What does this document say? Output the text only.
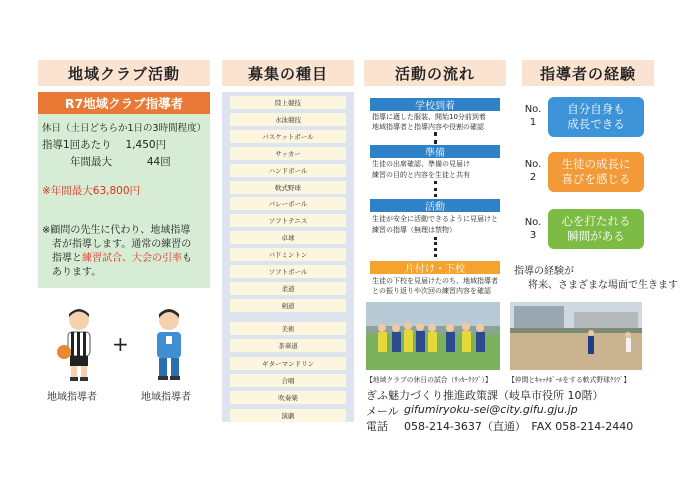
地域クラブ活動	募集の種目	活動の流れ	指導者の経験
R7地域クラブ指導者
休日（土日どちらか1日の3時間程度）
指導1回あたり　 1,450円
年間最大　　　 44回
※年間最大63,800円
※顧問の先生に代わり、地域指導
者が指導します。通常の練習の
指導と練習試合、大会の引率も
あります。
+
地域指導者	地域指導者
学校到着
指導に適した服装、開始10分前到着
地域指導者と指導内容や役割の確認
準備
生徒の出席確認、準備の見届け
練習の目的と内容を生徒と共有
活動
生徒が安全に活動できるように見届けと
練習の指導（無理は禁物）
片付け・下校
生徒の下校を見届けたのち、地域指導者
との振り返りや次回の練習内容を確認
【地域クラブの休日の試合（ｻｯｶｰｸﾗﾌﾞ）】 【仲間とｷｬｯﾁﾎﾞｰﾙをする軟式野球ｸﾗﾌﾞ】
ぎふ魅力づくり推進政策課（岐阜市役所 10階）
メール gifumiryoku-sei@city.gifu.gju.jp
電話 058-214-3637（直通）　FAX 058-214-2440
No.
1
自分自身も
成長できる
No.
2
生徒の成長に
喜びを感じる
No.
3
心を打たれる
瞬間がある
指導の経験が
将来、さまざまな場面で生きます
陸上競技
水泳競技
バスケットボール
サッカー
ハンドボール
軟式野球
バレーボール
ソフトテニス
卓球
バドミントン
ソフトボール
柔道
剣道
美術
茶華道
ギターマンドリン
合唱
吹奏楽
演劇
